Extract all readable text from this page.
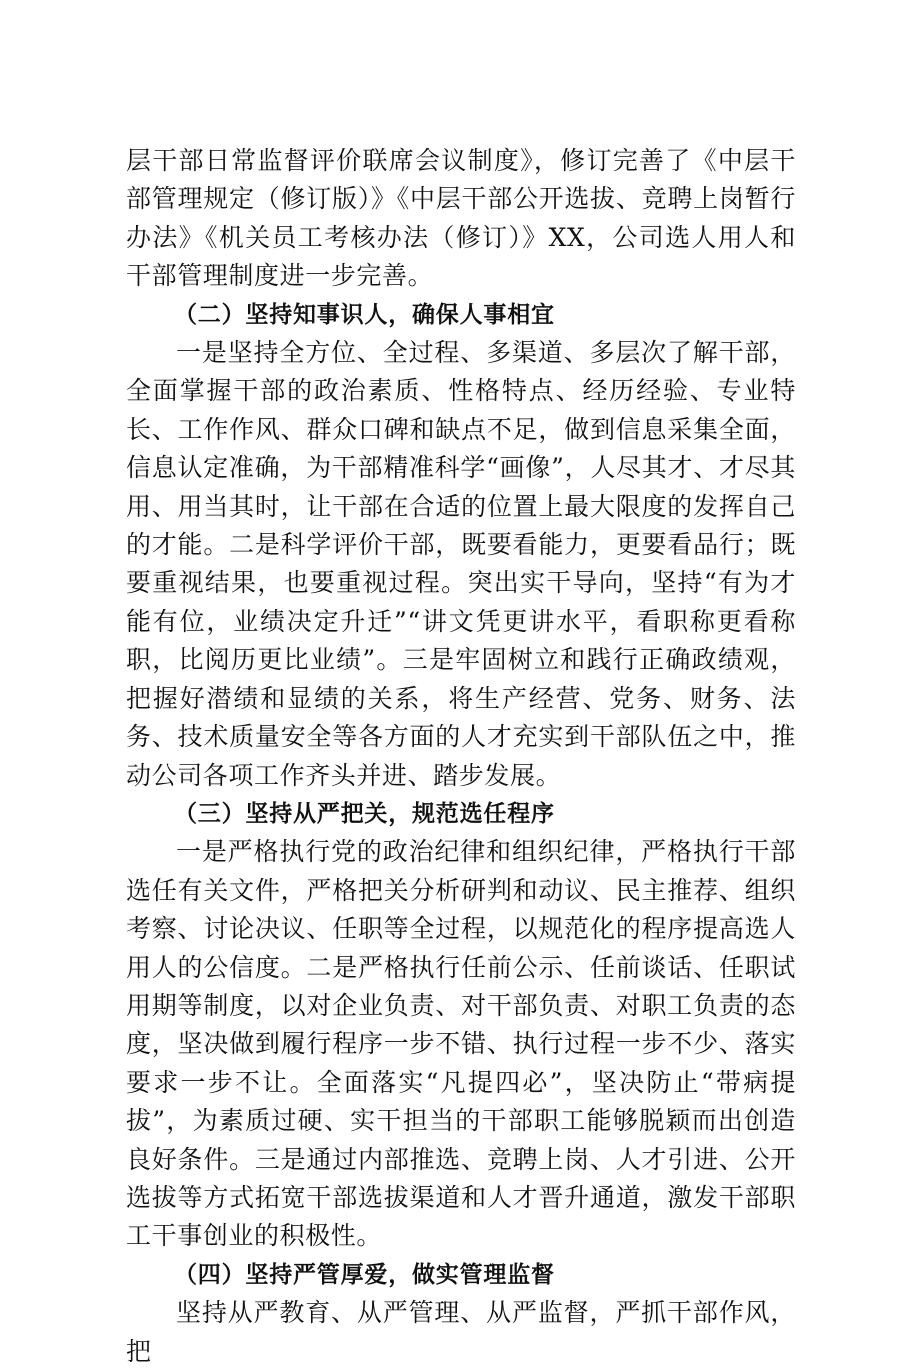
层干部日常监督评价联席会议制度》，修订完善了《中层干部管理规定（修订版）》《中层干部公开选拔、竞聘上岗暂行办法》《机关员工考核办法（修订）》XX，公司选人用人和干部管理制度进一步完善。

（二）坚持知事识人，确保人事相宜

一是坚持全方位、全过程、多渠道、多层次了解干部，全面掌握干部的政治素质、性格特点、经历经验、专业特长、工作作风、群众口碑和缺点不足，做到信息采集全面，信息认定准确，为干部精准科学“画像”，人尽其才、才尽其用、用当其时，让干部在合适的位置上最大限度的发挥自己的才能。二是科学评价干部，既要看能力，更要看品行；既要重视结果，也要重视过程。突出实干导向，坚持“有为才能有位，业绩决定升迁”“讲文凭更讲水平，看职称更看称职，比阅历更比业绩”。三是牢固树立和践行正确政绩观，把握好潜绩和显绩的关系，将生产经营、党务、财务、法务、技术质量安全等各方面的人才充实到干部队伍之中，推动公司各项工作齐头并进、踏步发展。

（三）坚持从严把关，规范选任程序

一是严格执行党的政治纪律和组织纪律，严格执行干部选任有关文件，严格把关分析研判和动议、民主推荐、组织考察、讨论决议、任职等全过程，以规范化的程序提高选人用人的公信度。二是严格执行任前公示、任前谈话、任职试用期等制度，以对企业负责、对干部负责、对职工负责的态度，坚决做到履行程序一步不错、执行过程一步不少、落实要求一步不让。全面落实“凡提四必”，坚决防止“带病提拔”，为素质过硬、实干担当的干部职工能够脱颖而出创造良好条件。三是通过内部推选、竞聘上岗、人才引进、公开选拔等方式拓宽干部选拔渠道和人才晋升通道，激发干部职工干事创业的积极性。

（四）坚持严管厚爱，做实管理监督

坚持从严教育、从严管理、从严监督，严抓干部作风，把
